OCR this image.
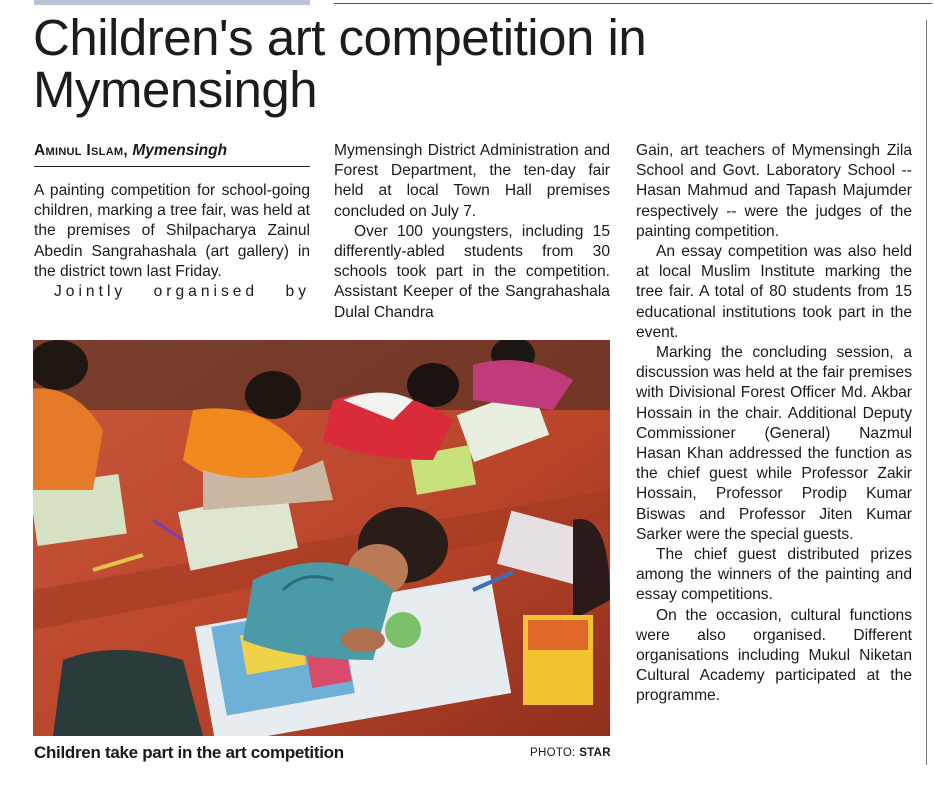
Children's art competition in Mymensingh
Aminul Islam, Mymensingh

A painting competition for school-going children, marking a tree fair, was held at the premises of Shilpacharya Zainul Abedin Sangrahashala (art gallery) in the district town last Friday.

Jointly organised by

Mymensingh District Administration and Forest Department, the ten-day fair held at local Town Hall premises concluded on July 7.

Over 100 youngsters, including 15 differently-abled students from 30 schools took part in the competition. Assistant Keeper of the Sangrahashala Dulal Chandra

Gain, art teachers of Mymensingh Zila School and Govt. Laboratory School -- Hasan Mahmud and Tapash Majumder respectively -- were the judges of the painting competition.

An essay competition was also held at local Muslim Institute marking the tree fair. A total of 80 students from 15 educational institutions took part in the event.

Marking the concluding session, a discussion was held at the fair premises with Divisional Forest Officer Md. Akbar Hossain in the chair. Additional Deputy Commissioner (General) Nazmul Hasan Khan addressed the function as the chief guest while Professor Zakir Hossain, Professor Prodip Kumar Biswas and Professor Jiten Kumar Sarker were the special guests.

The chief guest distributed prizes among the winners of the painting and essay competitions.

On the occasion, cultural functions were also organised. Different organisations including Mukul Niketan Cultural Academy participated at the programme.

Children take part in the art competition	PHOTO: STAR
